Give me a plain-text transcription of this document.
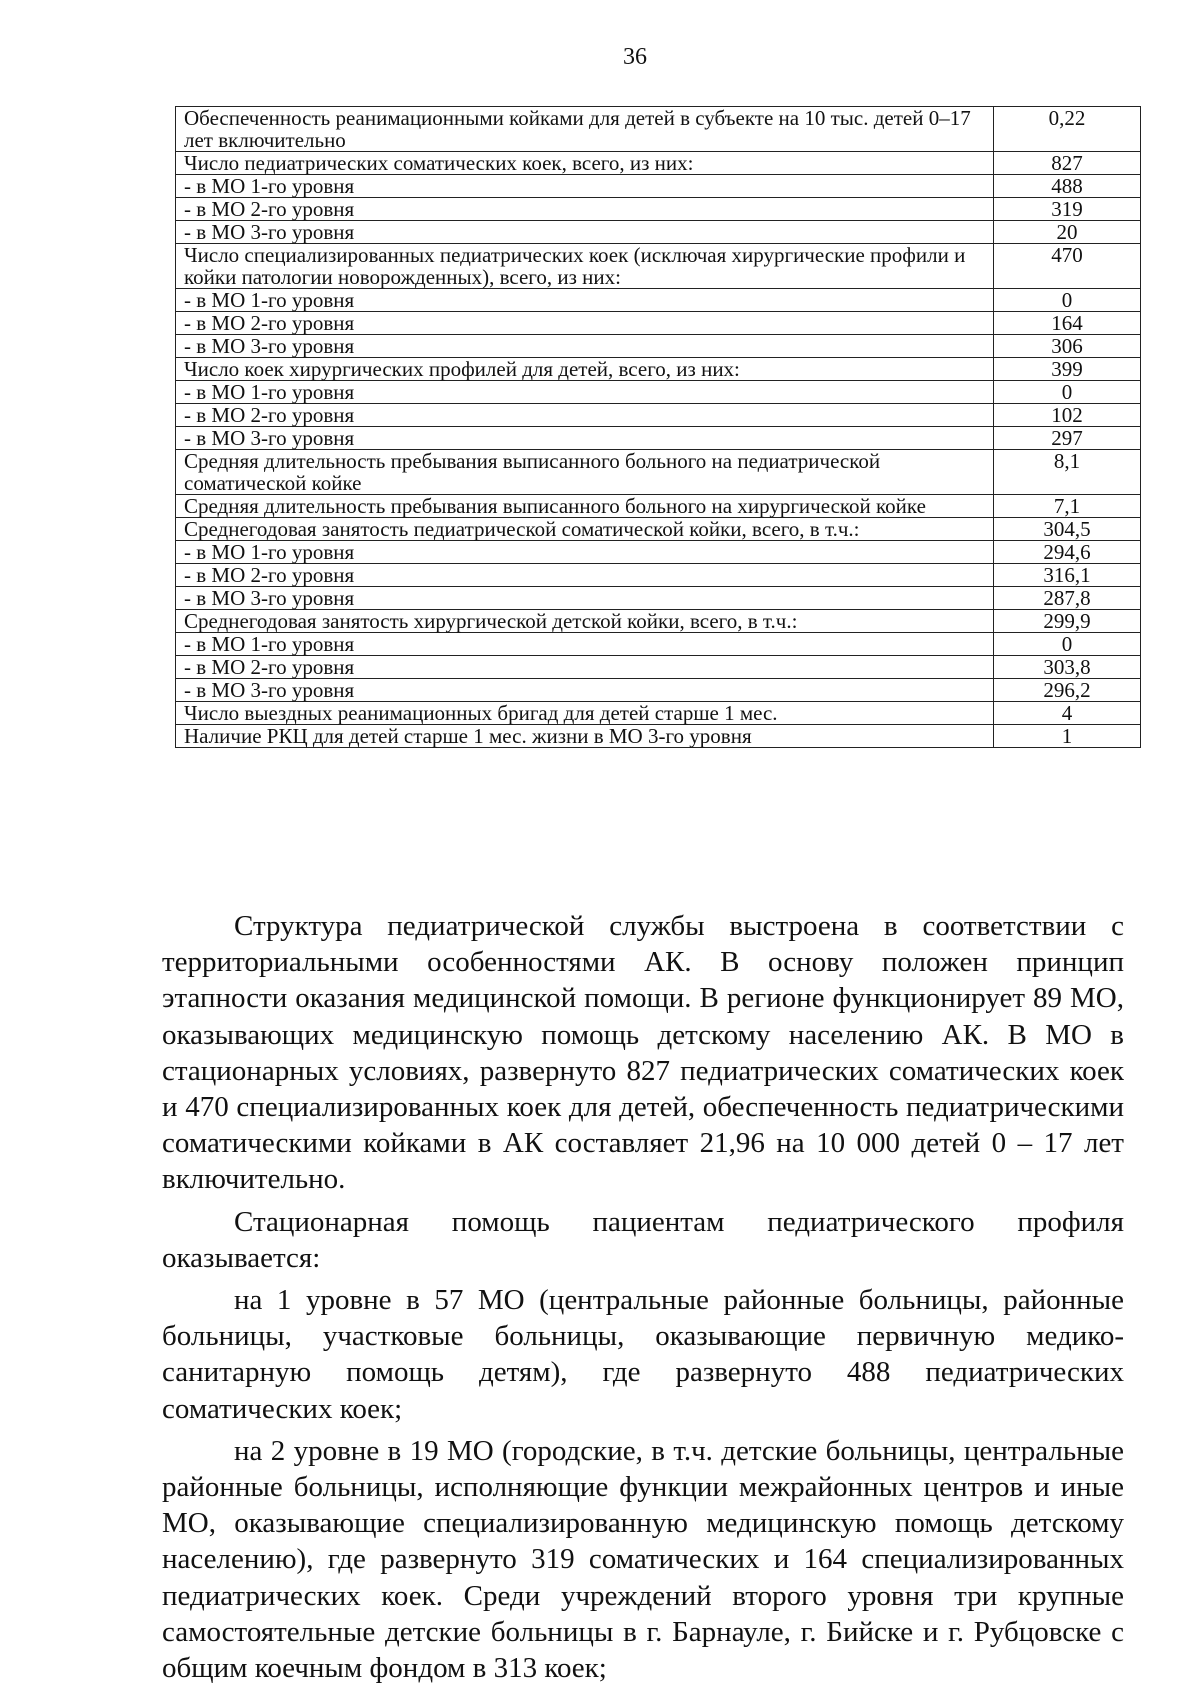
36
Обеспеченность реанимационными койками для детей в субъекте на 10 тыс. детей 0–17 лет включительно	0,22
Число педиатрических соматических коек, всего, из них:	827
- в МО 1-го уровня	488
- в МО 2-го уровня	319
- в МО 3-го уровня	20
Число специализированных педиатрических коек (исключая хирургические профили и койки патологии новорожденных), всего, из них:	470
- в МО 1-го уровня	0
- в МО 2-го уровня	164
- в МО 3-го уровня	306
Число коек хирургических профилей для детей, всего, из них:	399
- в МО 1-го уровня	0
- в МО 2-го уровня	102
- в МО 3-го уровня	297
Средняя длительность пребывания выписанного больного на педиатрической соматической койке	8,1
Средняя длительность пребывания выписанного больного на хирургической койке	7,1
Среднегодовая занятость педиатрической соматической койки, всего, в т.ч.:	304,5
- в МО 1-го уровня	294,6
- в МО 2-го уровня	316,1
- в МО 3-го уровня	287,8
Среднегодовая занятость хирургической детской койки, всего, в т.ч.:	299,9
- в МО 1-го уровня	0
- в МО 2-го уровня	303,8
- в МО 3-го уровня	296,2
Число выездных реанимационных бригад для детей старше 1 мес.	4
Наличие РКЦ для детей старше 1 мес. жизни в МО 3-го уровня	1

Структура педиатрической службы выстроена в соответствии с территориальными особенностями АК. В основу положен принцип этапности оказания медицинской помощи. В регионе функционирует 89 МО, оказывающих медицинскую помощь детскому населению АК. В МО в стационарных условиях, развернуто 827 педиатрических соматических коек и 470 специализированных коек для детей, обеспеченность педиатрическими соматическими койками в АК составляет 21,96 на 10 000 детей 0 – 17 лет включительно.

Стационарная помощь пациентам педиатрического профиля оказывается:

на 1 уровне в 57 МО (центральные районные больницы, районные больницы, участковые больницы, оказывающие первичную медико-санитарную помощь детям), где развернуто 488 педиатрических соматических коек;

на 2 уровне в 19 МО (городские, в т.ч. детские больницы, центральные районные больницы, исполняющие функции межрайонных центров и иные МО, оказывающие специализированную медицинскую помощь детскому населению), где развернуто 319 соматических и 164 специализированных педиатрических коек. Среди учреждений второго уровня три крупные самостоятельные детские больницы в г. Барнауле, г. Бийске и г. Рубцовске с общим коечным фондом в 313 коек;
